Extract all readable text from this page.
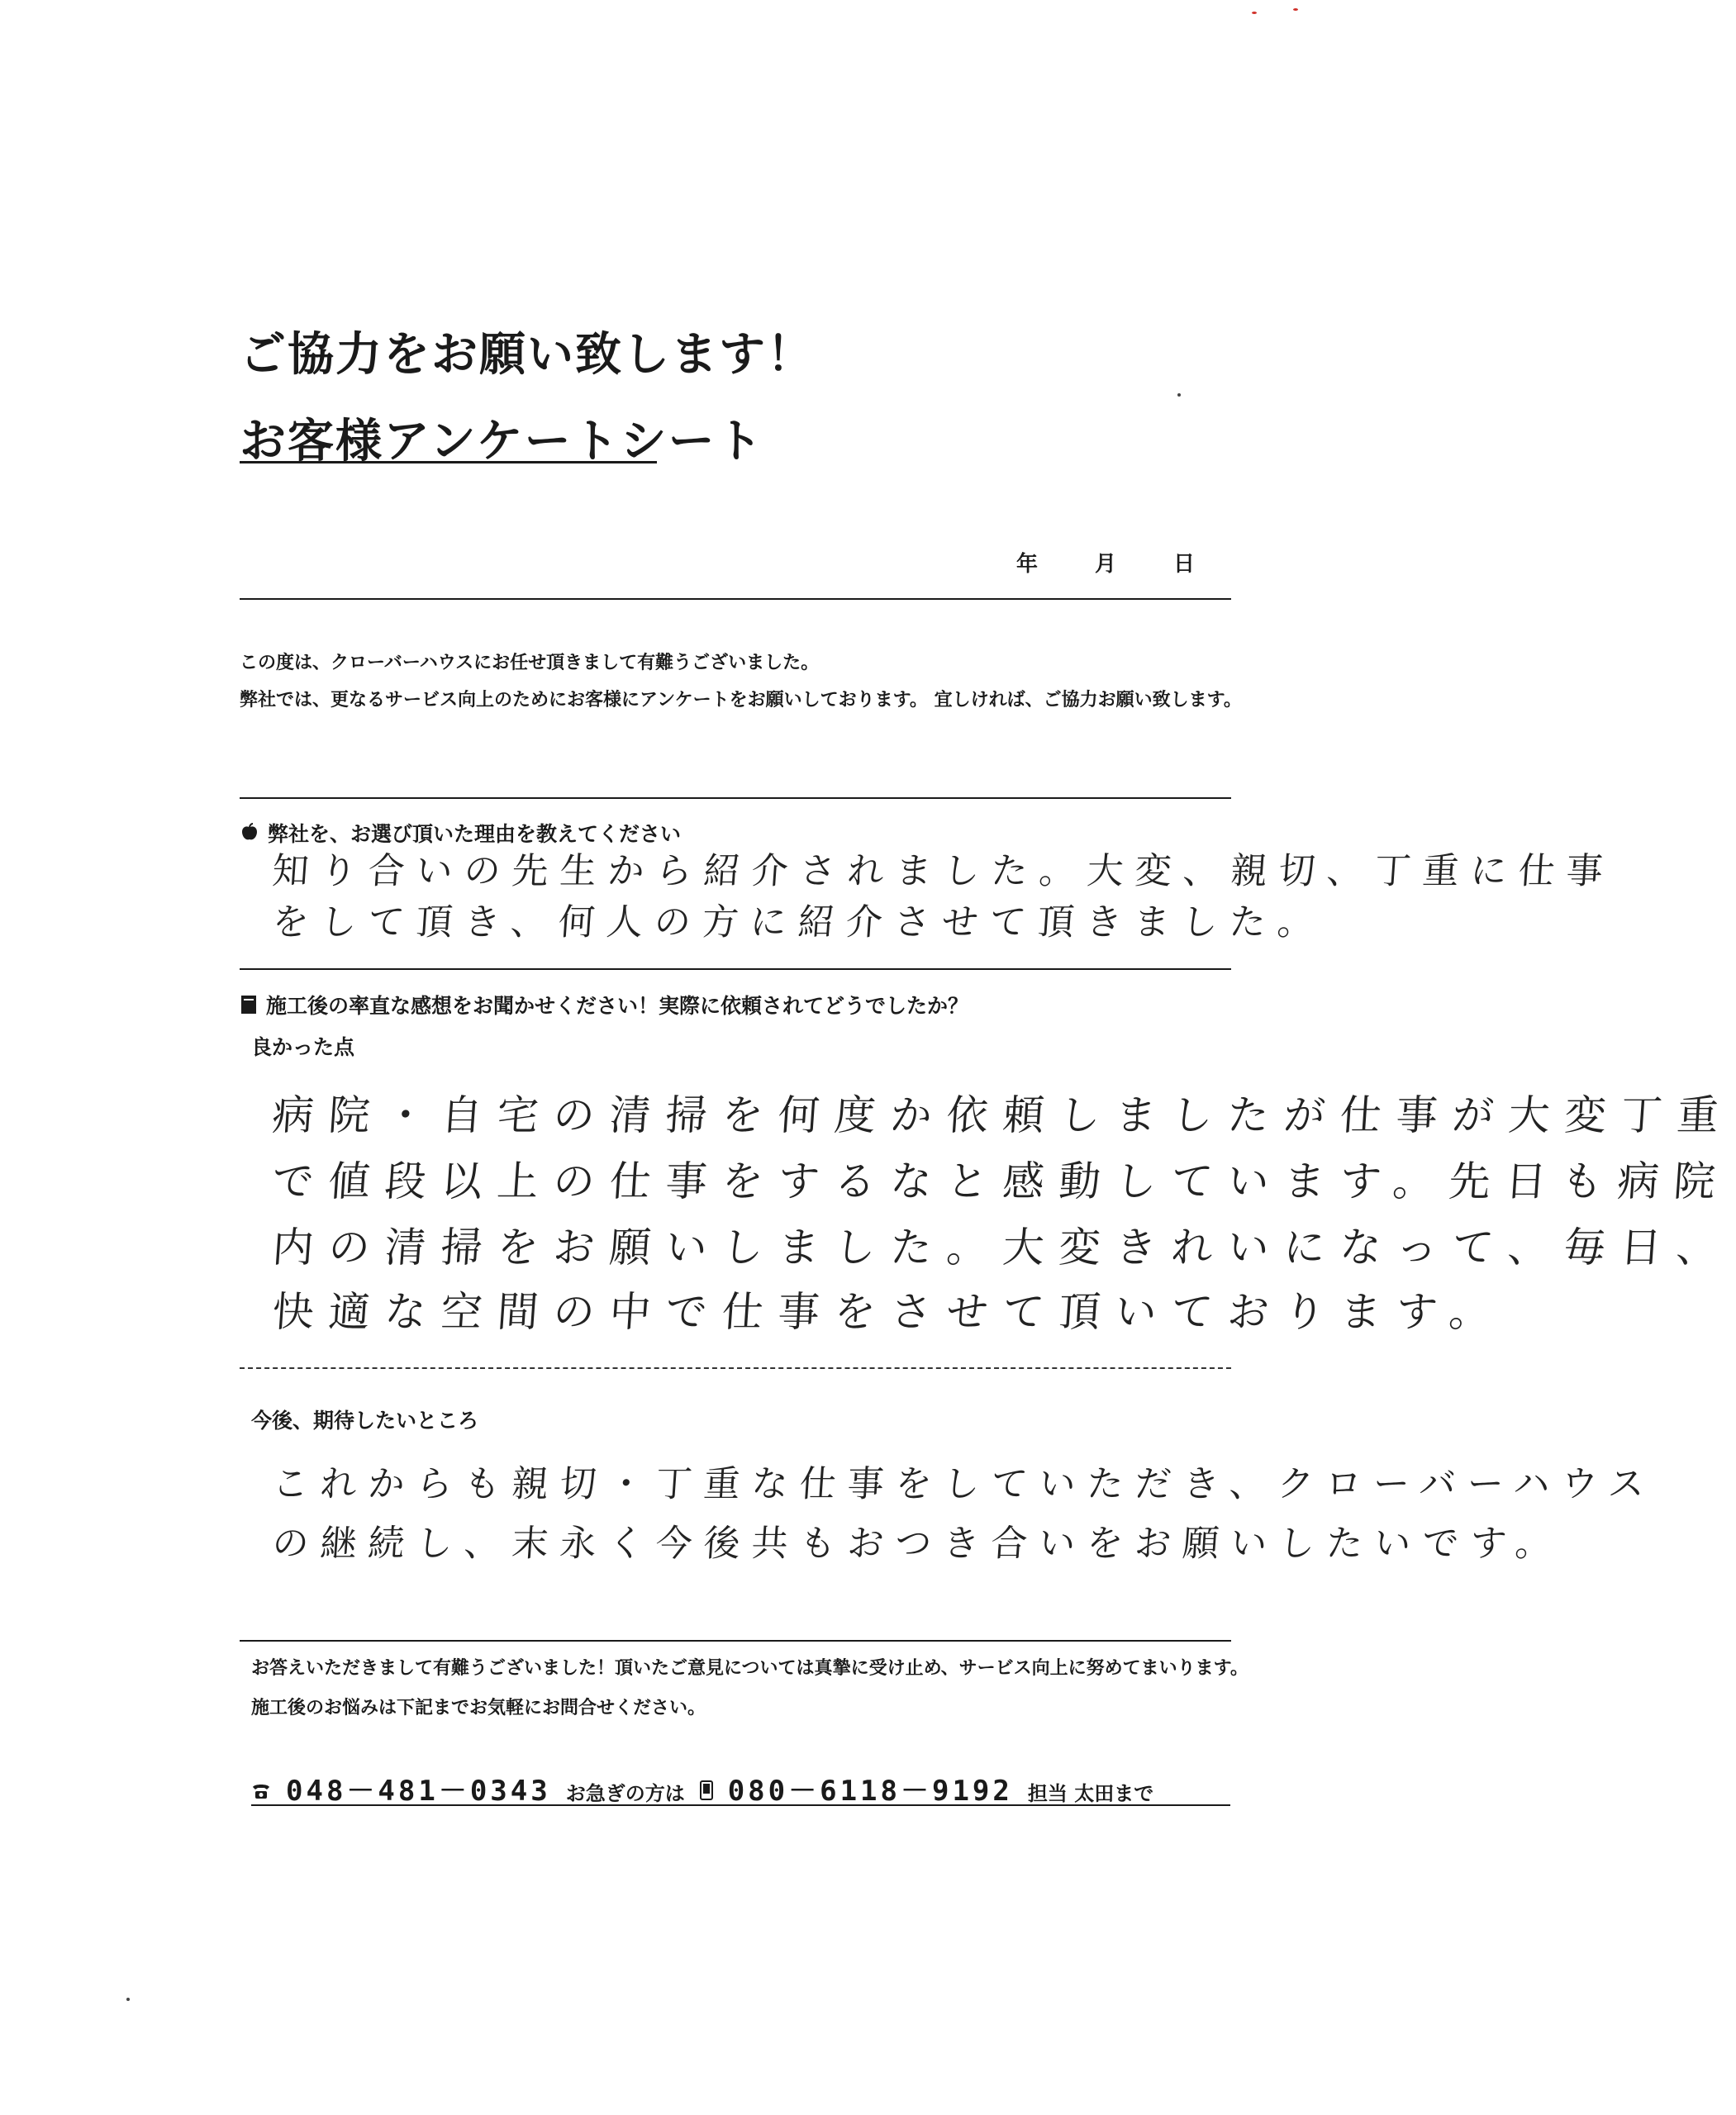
ご協力をお願い致します！
お客様アンケートシート
年	月	日
この度は、クローバーハウスにお任せ頂きまして有難うございました。
弊社では、更なるサービス向上のためにお客様にアンケートをお願いしております。 宜しければ、ご協力お願い致します。
弊社を、お選び頂いた理由を教えてください
知り合いの先生から紹介されました。大変、親切、丁重に仕事
をして頂き、何人の方に紹介させて頂きました。
施工後の率直な感想をお聞かせください！実際に依頼されてどうでしたか？
良かった点
病院・自宅の清掃を何度か依頼しましたが仕事が大変丁重
で値段以上の仕事をするなと感動しています。先日も病院
内の清掃をお願いしました。大変きれいになって、毎日、
快適な空間の中で仕事をさせて頂いております。
今後、期待したいところ
これからも親切・丁重な仕事をしていただき、クローバーハウス
の継続し、末永く今後共もおつき合いをお願いしたいです。
お答えいただきまして有難うございました！頂いたご意見については真摯に受け止め、サービス向上に努めてまいります。
施工後のお悩みは下記までお気軽にお問合せください。
048－481－0343 お急ぎの方は 080－6118－9192 担当 太田まで
